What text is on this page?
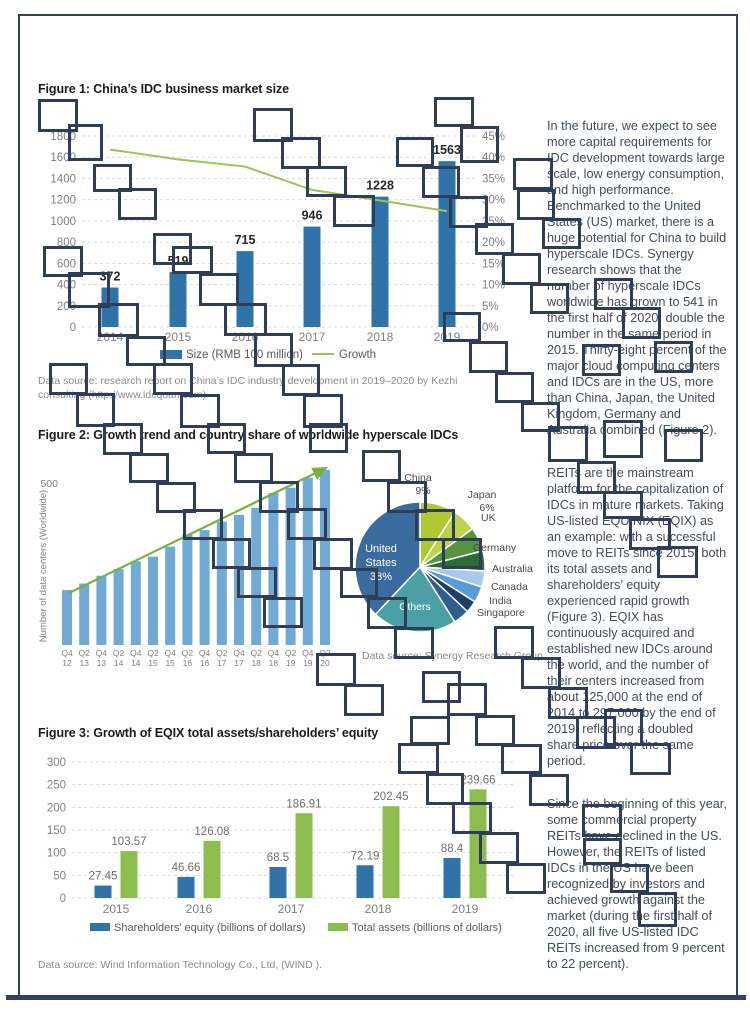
Figure 1: China’s IDC business market size
0
200
400
600
800
1000
1200
1400
1600
1800
0%
5%
10%
15%
20%
25%
30%
35%
40%
45%
372
2014
519
2015
715
2016
946
2017
1228
2018
1563
2019
Size (RMB 100 million)	Growth
Data source: research report on China’s IDC industry development in 2019–2020 by Kezhi consulting (http://www.idcquan.com)
Figure 2: Growth trend and country share of worldwide hyperscale IDCs
500
Number of data centers (Worldwide)
Q4
12
Q2
13
Q4
13
Q2
14
Q4
14
Q2
15
Q4
15
Q2
16
Q4
16
Q2
17
Q4
17
Q2
18
Q4
18
Q2
19
Q4
19
Q2
20
China
9%	Japan
6%
UK
Germany
Australia
Canada
India
Singapore
Others
United
States
38%
Data source: Synergy Research Group
Figure 3: Growth of EQIX total assets/shareholders’ equity
0
50
100
150
200
250
300
27.45
103.57
2015
46.66
126.08
2016
68.5
186.91
2017
72.19
202.45
2018
88.4
239.66
2019
Shareholders’ equity (billions of dollars)	Total assets (billions of dollars)
Data source: Wind Information Technology Co., Ltd, (WIND ).

In the future, we expect to see more capital requirements for IDC development towards large scale, low energy consumption, and high performance. Benchmarked to the United States (US) market, there is a huge potential for China to build hyperscale IDCs. Synergy research shows that the number of hyperscale IDCs worldwide has grown to 541 in the first half of 2020, double the number in the same period in 2015. Thirty-eight percent of the major cloud computing centers and IDCs are in the US, more than China, Japan, the United Kingdom, Germany and Australia combined (Figure 2).

REITs are the mainstream platform for the capitalization of IDCs in mature markets. Taking US-listed EQUINIX (EQIX) as an example: with a successful move to REITs since 2015, both its total assets and shareholders’ equity experienced rapid growth (Figure 3). EQIX has continuously acquired and established new IDCs around the world, and the number of their centers increased from about 125,000 at the end of 2014 to 297,000 by the end of 2019, reflecting a doubled share price over the same period.

Since the beginning of this year, some commercial property REITs have declined in the US. However, the REITs of listed IDCs in the US have been recognized by investors and achieved growth against the market (during the first half of 2020, all five US-listed IDC REITs increased from 9 percent to 22 percent).
